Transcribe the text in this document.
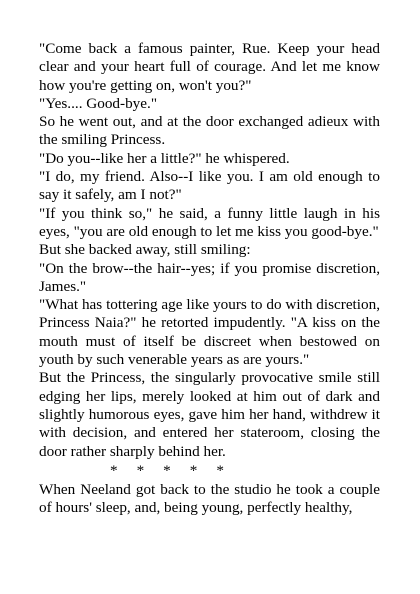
"Come back a famous painter, Rue. Keep your head clear and your heart full of courage. And let me know how you're getting on, won't you?"

"Yes.... Good-bye."

So he went out, and at the door exchanged adieux with the smiling Princess.

"Do you--like her a little?" he whispered.

"I do, my friend. Also--I like you. I am old enough to say it safely, am I not?"

"If you think so," he said, a funny little laugh in his eyes, "you are old enough to let me kiss you good-bye."

But she backed away, still smiling:

"On the brow--the hair--yes; if you promise discretion, James."

"What has tottering age like yours to do with discretion, Princess Naia?" he retorted impudently. "A kiss on the mouth must of itself be discreet when bestowed on youth by such venerable years as are yours."

But the Princess, the singularly provocative smile still edging her lips, merely looked at him out of dark and slightly humorous eyes, gave him her hand, withdrew it with decision, and entered her stateroom, closing the door rather sharply behind her.

*     *     *     *     *

When Neeland got back to the studio he took a couple of hours' sleep, and, being young, perfectly healthy,
